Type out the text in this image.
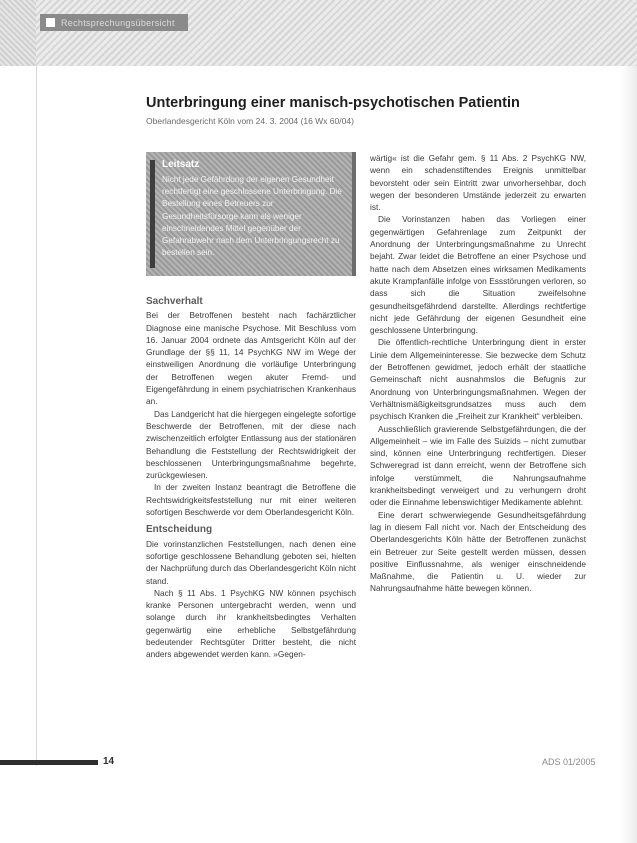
Rechtsprechungsübersicht
Unterbringung einer manisch-psychotischen Patientin
Oberlandesgericht Köln vom 24. 3. 2004 (16 Wx 60/04)
Leitsatz
Nicht jede Gefährdung der eigenen Gesundheit rechtfertigt eine geschlossene Unterbringung. Die Bestellung eines Betreuers zur Gesundheitsfürsorge kann als weniger einschneidendes Mittel gegenüber der Gefahrabwehr nach dem Unterbringungsrecht zu bestellen sein.
Sachverhalt

Bei der Betroffenen besteht nach fachärztlicher Diagnose eine manische Psychose. Mit Beschluss vom 16. Januar 2004 ordnete das Amtsgericht Köln auf der Grundlage der §§ 11, 14 PsychKG NW im Wege der einstweiligen Anordnung die vorläufige Unterbringung der Betroffenen wegen akuter Fremd- und Eigengefährdung in einem psychiatrischen Krankenhaus an.

Das Landgericht hat die hiergegen eingelegte sofortige Beschwerde der Betroffenen, mit der diese nach zwischenzeitlich erfolgter Entlassung aus der stationären Behandlung die Feststellung der Rechtswidrigkeit der beschlossenen Unterbringungsmaßnahme begehrte, zurückgewiesen.

In der zweiten Instanz beantragt die Betroffene die Rechtswidrigkeitsfeststellung nur mit einer weiteren sofortigen Beschwerde vor dem Oberlandesgericht Köln.

Entscheidung

Die vorinstanzlichen Feststellungen, nach denen eine sofortige geschlossene Behandlung geboten sei, hielten der Nachprüfung durch das Oberlandesgericht Köln nicht stand.

Nach § 11 Abs. 1 PsychKG NW können psychisch kranke Personen untergebracht werden, wenn und solange durch ihr krankheitsbedingtes Verhalten gegenwärtig eine erhebliche Selbstgefährdung bedeutender Rechtsgüter Dritter besteht, die nicht anders abgewendet werden kann. »Gegen-

wärtig« ist die Gefahr gem. § 11 Abs. 2 PsychKG NW, wenn ein schadenstiftendes Ereignis unmittelbar bevorsteht oder sein Eintritt zwar unvorhersehbar, doch wegen der besonderen Umstände jederzeit zu erwarten ist.

Die Vorinstanzen haben das Vorliegen einer gegenwärtigen Gefahrenlage zum Zeitpunkt der Anordnung der Unterbringungsmaßnahme zu Unrecht bejaht. Zwar leidet die Betroffene an einer Psychose und hatte nach dem Absetzen eines wirksamen Medikaments akute Krampfanfälle infolge von Essstörungen verloren, so dass sich die Situation zweifelsohne gesundheitsgefährdend darstellte. Allerdings rechtfertige nicht jede Gefährdung der eigenen Gesundheit eine geschlossene Unterbringung.

Die öffentlich-rechtliche Unterbringung dient in erster Linie dem Allgemeininteresse. Sie bezwecke dem Schutz der Betroffenen gewidmet, jedoch erhält der staatliche Gemeinschaft nicht ausnahmslos die Befugnis zur Anordnung von Unterbringungsmaßnahmen. Wegen der Verhältnismäßigkeitsgrundsatzes muss auch dem psychisch Kranken die „Freiheit zur Krankheit“ verbleiben.

Ausschließlich gravierende Selbstgefährdungen, die der Allgemeinheit – wie im Falle des Suizids – nicht zumutbar sind, können eine Unterbringung rechtfertigen. Dieser Schweregrad ist dann erreicht, wenn der Betroffene sich infolge verstümmelt, die Nahrungsaufnahme krankheitsbedingt verweigert und zu verhungern droht oder die Einnahme lebenswichtiger Medikamente ablehnt.

Eine derart schwerwiegende Gesundheitsgefährdung lag in diesem Fall nicht vor. Nach der Entscheidung des Oberlandesgerichts Köln hätte der Betroffenen zunächst ein Betreuer zur Seite gestellt werden müssen, dessen positive Einflussnahme, als weniger einschneidende Maßnahme, die Patientin u. U. wieder zur Nahrungsaufnahme hätte bewegen können.

14	ADS 01/2005
